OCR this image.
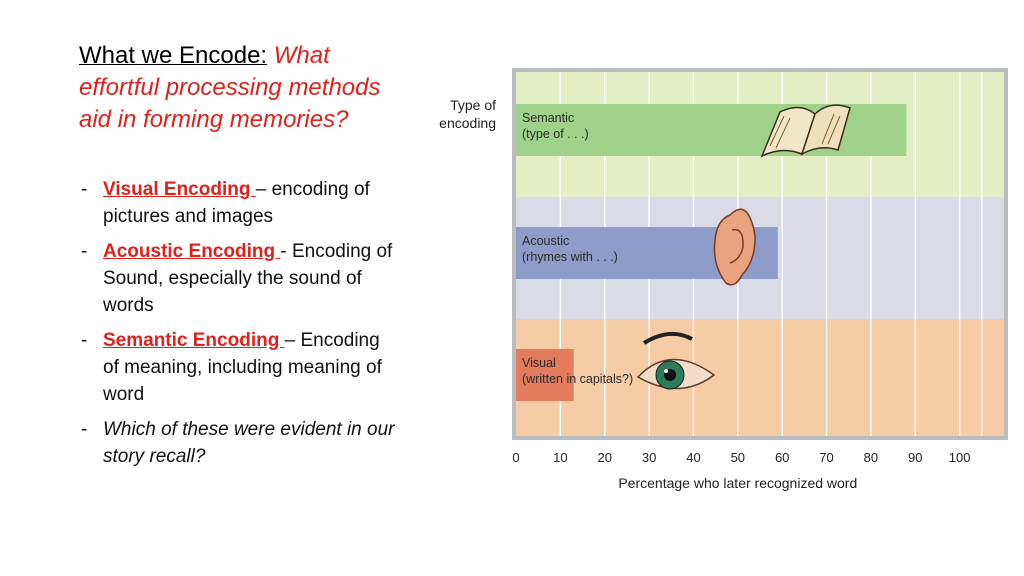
What we Encode: What effortful processing methods aid in forming memories?
- Visual Encoding – encoding of pictures and images
- Acoustic Encoding - Encoding of Sound, especially the sound of words
- Semantic Encoding – Encoding of meaning, including meaning of word
- Which of these were evident in our story recall?
Semantic
(type of . . .)
Acoustic
(rhymes with . . .)
Visual
(written in capitals?)
Type of
encoding
0	10 20 30 40 50 60 70 80 90 100
Percentage who later recognized word
